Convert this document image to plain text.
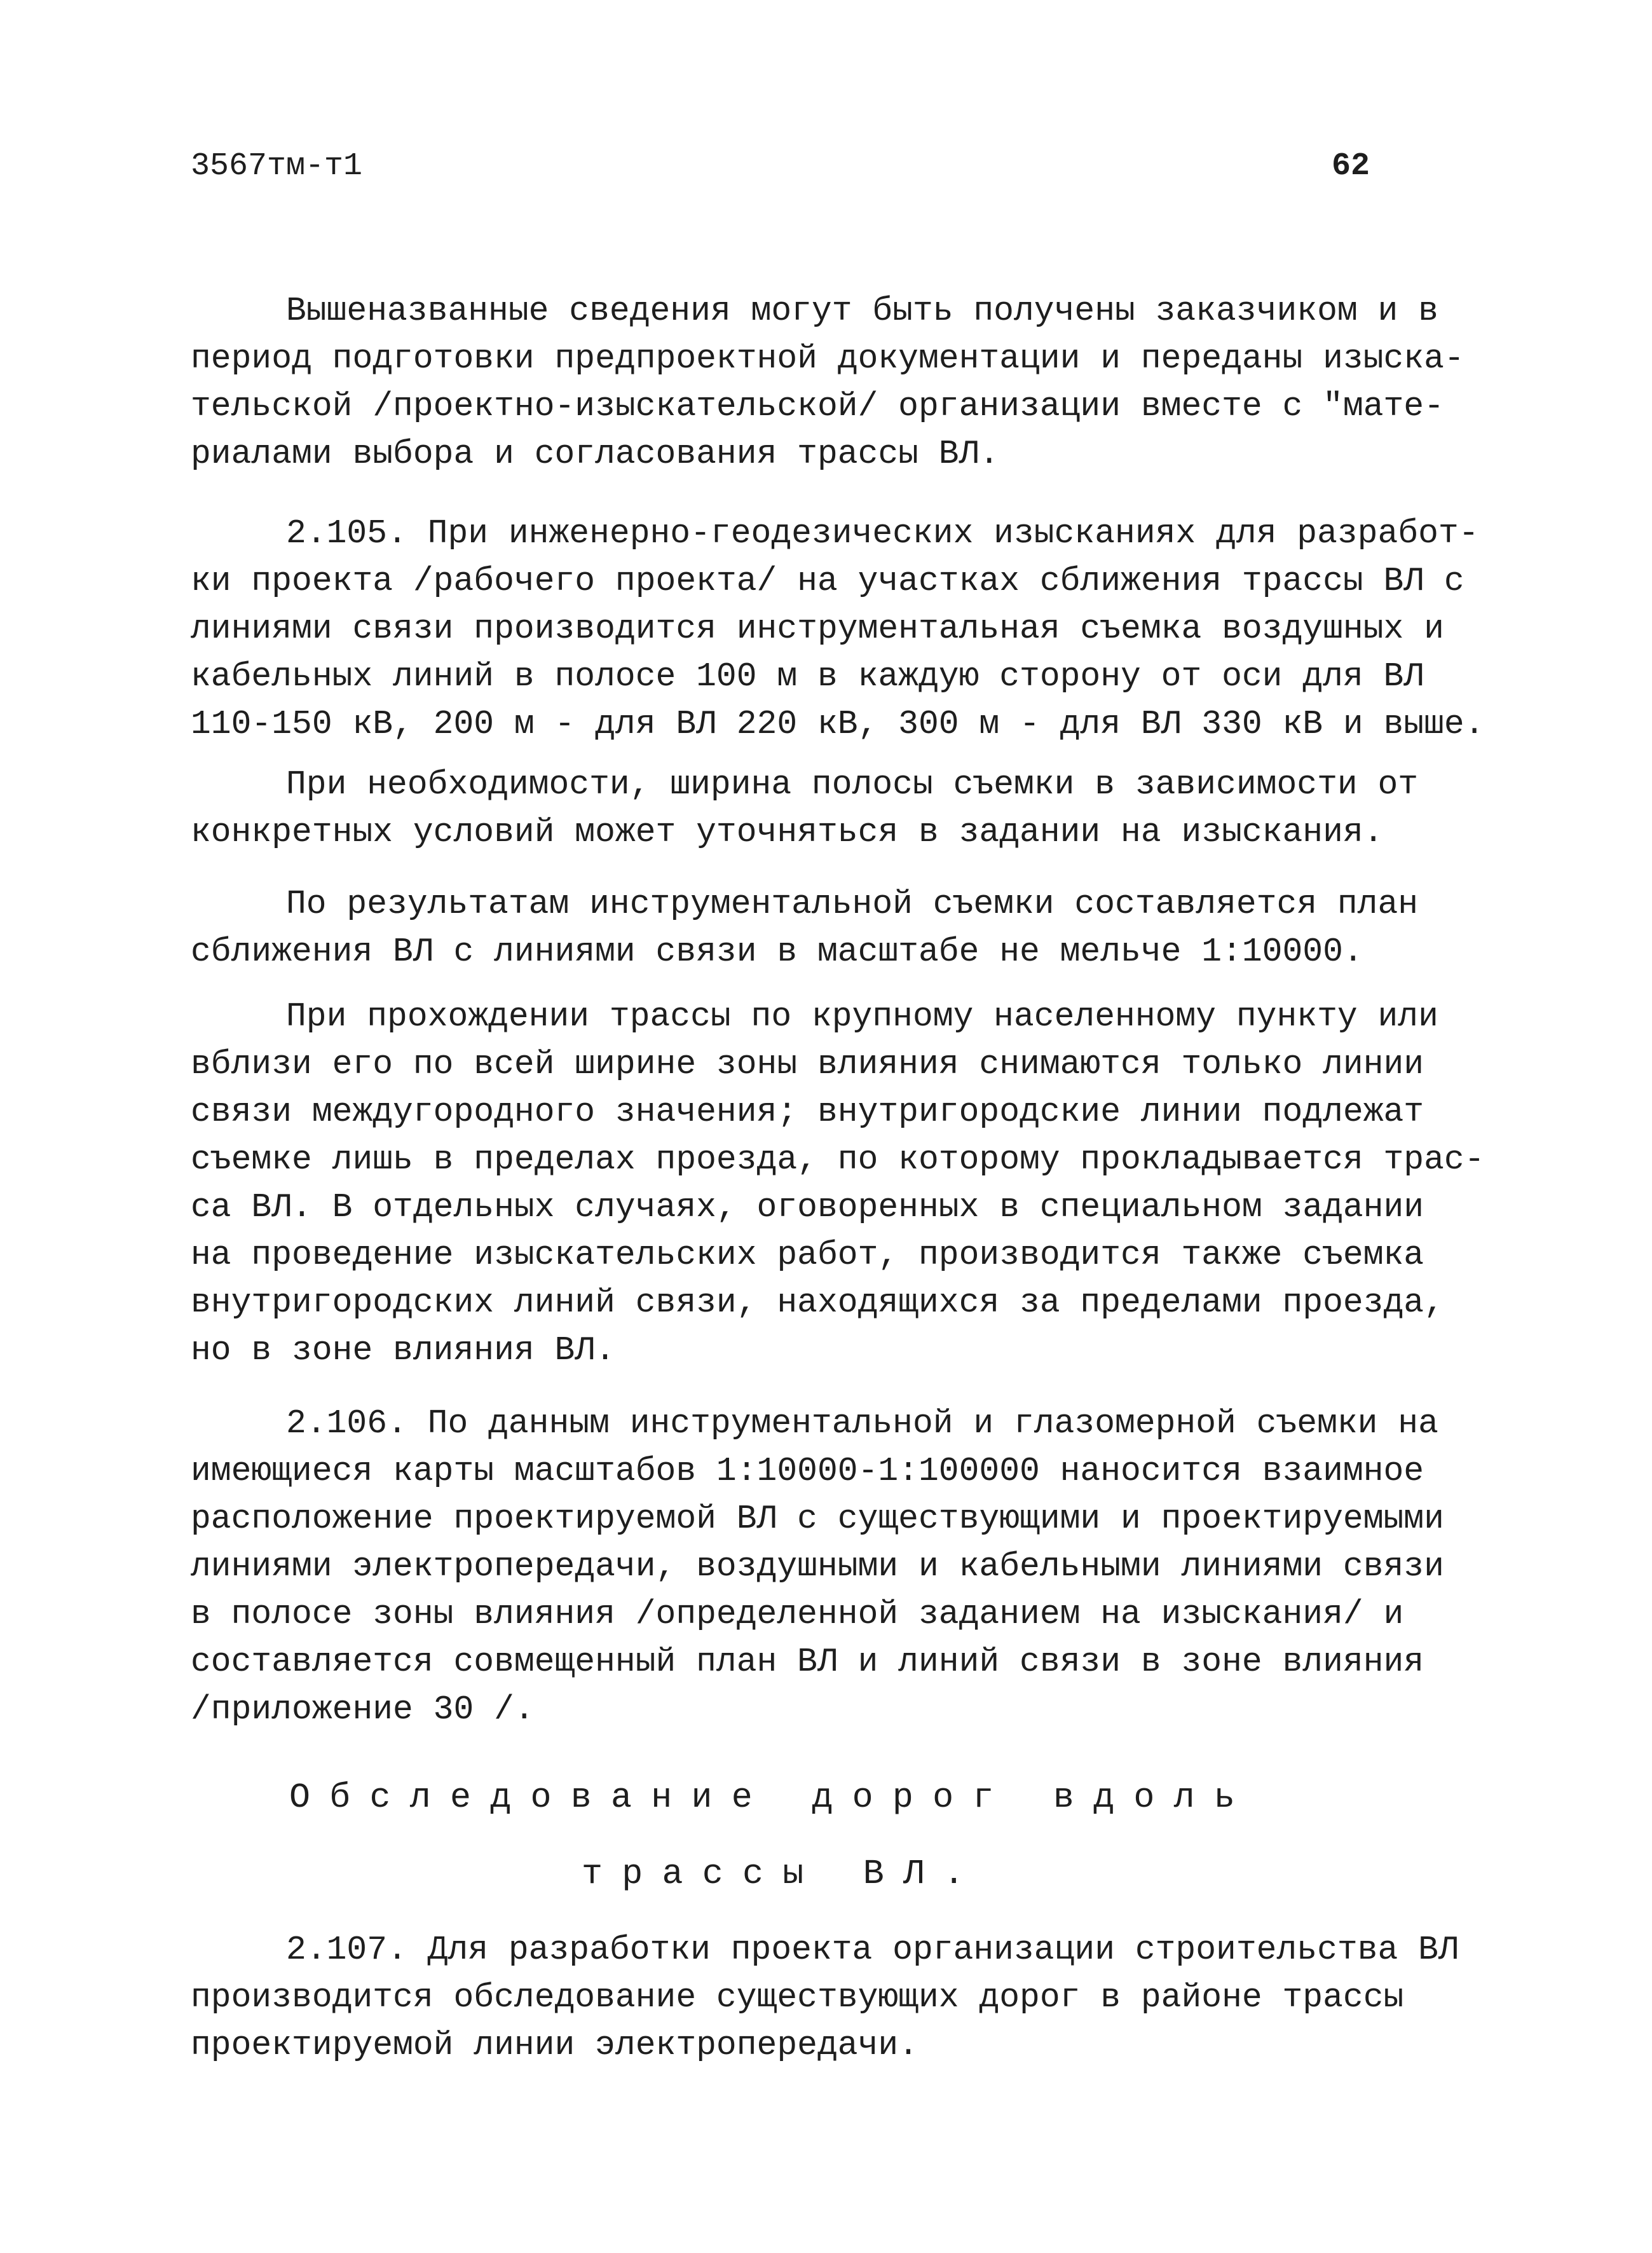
3567тм-т1	62

Вышеназванные сведения могут быть получены заказчиком и в
период подготовки предпроектной документации и переданы изыска-
тельской /проектно-изыскательской/ организации вместе с "мате-
риалами выбора и согласования трассы ВЛ.

2.105. При инженерно-геодезических изысканиях для разработ-
ки проекта /рабочего проекта/ на участках сближения трассы ВЛ с
линиями связи производится инструментальная съемка воздушных и
кабельных линий в полосе 100 м в каждую сторону от оси для ВЛ
110-150 кВ, 200 м - для ВЛ 220 кВ, 300 м - для ВЛ 330 кВ и выше.

При необходимости, ширина полосы съемки в зависимости от
конкретных условий может уточняться в задании на изыскания.

По результатам инструментальной съемки составляется план
сближения ВЛ с линиями связи в масштабе не мельче 1:10000.

При прохождении трассы по крупному населенному пункту или
вблизи его по всей ширине зоны влияния снимаются только линии
связи междугородного значения; внутригородские линии подлежат
съемке лишь в пределах проезда, по которому прокладывается трас-
са ВЛ. В отдельных случаях, оговоренных в специальном задании
на проведение изыскательских работ, производится также съемка
внутригородских линий связи, находящихся за пределами проезда,
но в зоне влияния ВЛ.

2.106. По данным инструментальной и глазомерной съемки на
имеющиеся карты масштабов 1:10000-1:100000 наносится взаимное
расположение проектируемой ВЛ с существующими и проектируемыми
линиями электропередачи, воздушными и кабельными линиями связи
в полосе зоны влияния /определенной заданием на изыскания/ и
составляется совмещенный план ВЛ и линий связи в зоне влияния
/приложение 30 /.

Обследование дорог вдоль
трассы ВЛ.

2.107. Для разработки проекта организации строительства ВЛ
производится обследование существующих дорог в районе трассы
проектируемой линии электропередачи.
